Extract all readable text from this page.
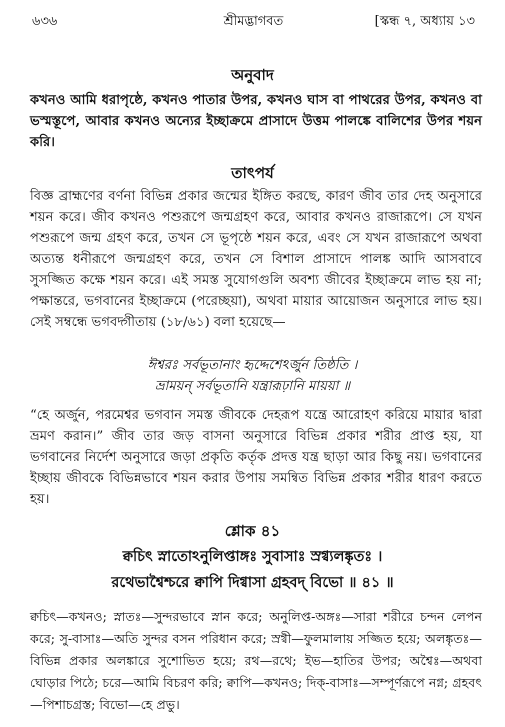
৬৩৬	শ্রীমদ্ভাগবত	[স্কন্ধ ৭, অধ্যায় ১৩
অনুবাদ
কখনও আমি ধরাপৃষ্ঠে, কখনও পাতার উপর, কখনও ঘাস বা পাথরের উপর, কখনও বা ভস্মস্তূপে, আবার কখনও অন্যের ইচ্ছাক্রমে প্রাসাদে উত্তম পালঙ্কে বালিশের উপর শয়ন করি।
তাৎপর্য
বিজ্ঞ ব্রাহ্মণের বর্ণনা বিভিন্ন প্রকার জন্মের ইঙ্গিত করছে, কারণ জীব তার দেহ অনুসারে শয়ন করে। জীব কখনও পশুরূপে জন্মগ্রহণ করে, আবার কখনও রাজারূপে। সে যখন পশুরূপে জন্ম গ্রহণ করে, তখন সে ভূপৃষ্ঠে শয়ন করে, এবং সে যখন রাজারূপে অথবা অত্যন্ত ধনীরূপে জন্মগ্রহণ করে, তখন সে বিশাল প্রাসাদে পালঙ্ক আদি আসবাবে সুসজ্জিত কক্ষে শয়ন করে। এই সমস্ত সুযোগগুলি অবশ্য জীবের ইচ্ছাক্রমে লাভ হয় না; পক্ষান্তরে, ভগবানের ইচ্ছাক্রমে (পরেচ্ছয়া), অথবা মায়ার আয়োজন অনুসারে লাভ হয়। সেই সম্বন্ধে ভগবদ্গীতায় (১৮/৬১) বলা হয়েছে—
ঈশ্বরঃ সর্বভূতানাং হৃদ্দেশেঽর্জুন তিষ্ঠতি ।
ভ্রাময়ন্ সর্বভূতানি যন্ত্রারূঢ়ানি মায়য়া ॥
“হে অর্জুন, পরমেশ্বর ভগবান সমস্ত জীবকে দেহরূপ যন্ত্রে আরোহণ করিয়ে মায়ার দ্বারা ভ্রমণ করান।” জীব তার জড় বাসনা অনুসারে বিভিন্ন প্রকার শরীর প্রাপ্ত হয়, যা ভগবানের নির্দেশ অনুসারে জড়া প্রকৃতি কর্তৃক প্রদত্ত যন্ত্র ছাড়া আর কিছু নয়। ভগবানের ইচ্ছায় জীবকে বিভিন্নভাবে শয়ন করার উপায় সমন্বিত বিভিন্ন প্রকার শরীর ধারণ করতে হয়।
শ্লোক ৪১
ক্বচিৎ স্নাতোঽনুলিপ্তাঙ্গঃ সুবাসাঃ স্রগ্ব্যলঙ্কৃতঃ ।
রথেভাশ্বৈশ্চরে ক্বাপি দিগ্বাসা গ্রহবদ্ বিভো ॥ ৪১ ॥
ক্বচিৎ—কখনও; স্নাতঃ—সুন্দরভাবে স্নান করে; অনুলিপ্ত-অঙ্গঃ—সারা শরীরে চন্দন লেপন করে; সু-বাসাঃ—অতি সুন্দর বসন পরিধান করে; স্রগ্বী—ফুলমালায় সজ্জিত হয়ে; অলঙ্কৃতঃ—বিভিন্ন প্রকার অলঙ্কারে সুশোভিত হয়ে; রথ—রথে; ইভ—হাতির উপর; অশ্বৈঃ—অথবা ঘোড়ার পিঠে; চরে—আমি বিচরণ করি; ক্বাপি—কখনও; দিক্-বাসাঃ—সম্পূর্ণরূপে নগ্ন; গ্রহবৎ—পিশাচগ্রস্ত; বিভো—হে প্রভু।
